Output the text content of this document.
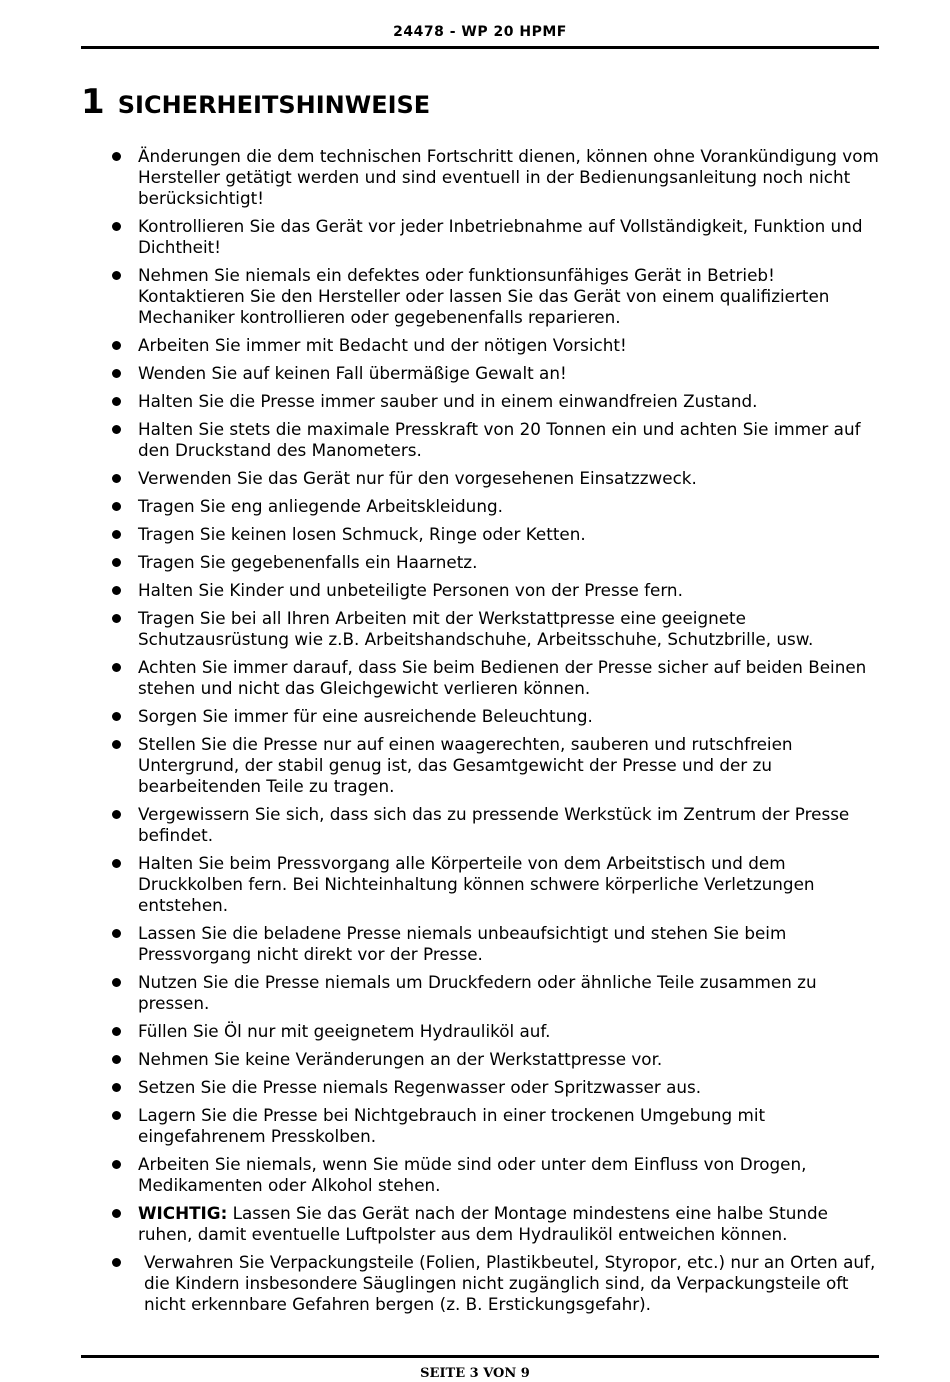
24478 - WP 20 HPMF
1 SICHERHEITSHINWEISE
Änderungen die dem technischen Fortschritt dienen, können ohne Vorankündigung vom Hersteller getätigt werden und sind eventuell in der Bedienungsanleitung noch nicht berücksichtigt!
Kontrollieren Sie das Gerät vor jeder Inbetriebnahme auf Vollständigkeit, Funktion und Dichtheit!
Nehmen Sie niemals ein defektes oder funktionsunfähiges Gerät in Betrieb! Kontaktieren Sie den Hersteller oder lassen Sie das Gerät von einem qualifizierten Mechaniker kontrollieren oder gegebenenfalls reparieren.
Arbeiten Sie immer mit Bedacht und der nötigen Vorsicht!
Wenden Sie auf keinen Fall übermäßige Gewalt an!
Halten Sie die Presse immer sauber und in einem einwandfreien Zustand.
Halten Sie stets die maximale Presskraft von 20 Tonnen ein und achten Sie immer auf den Druckstand des Manometers.
Verwenden Sie das Gerät nur für den vorgesehenen Einsatzzweck.
Tragen Sie eng anliegende Arbeitskleidung.
Tragen Sie keinen losen Schmuck, Ringe oder Ketten.
Tragen Sie gegebenenfalls ein Haarnetz.
Halten Sie Kinder und unbeteiligte Personen von der Presse fern.
Tragen Sie bei all Ihren Arbeiten mit der Werkstattpresse eine geeignete Schutzausrüstung wie z.B. Arbeitshandschuhe, Arbeitsschuhe, Schutzbrille, usw.
Achten Sie immer darauf, dass Sie beim Bedienen der Presse sicher auf beiden Beinen stehen und nicht das Gleichgewicht verlieren können.
Sorgen Sie immer für eine ausreichende Beleuchtung.
Stellen Sie die Presse nur auf einen waagerechten, sauberen und rutschfreien Untergrund, der stabil genug ist, das Gesamtgewicht der Presse und der zu bearbeitenden Teile zu tragen.
Vergewissern Sie sich, dass sich das zu pressende Werkstück im Zentrum der Presse befindet.
Halten Sie beim Pressvorgang alle Körperteile von dem Arbeitstisch und dem Druckkolben fern. Bei Nichteinhaltung können schwere körperliche Verletzungen entstehen.
Lassen Sie die beladene Presse niemals unbeaufsichtigt und stehen Sie beim Pressvorgang nicht direkt vor der Presse.
Nutzen Sie die Presse niemals um Druckfedern oder ähnliche Teile zusammen zu pressen.
Füllen Sie Öl nur mit geeignetem Hydrauliköl auf.
Nehmen Sie keine Veränderungen an der Werkstattpresse vor.
Setzen Sie die Presse niemals Regenwasser oder Spritzwasser aus.
Lagern Sie die Presse bei Nichtgebrauch in einer trockenen Umgebung mit eingefahrenem Presskolben.
Arbeiten Sie niemals, wenn Sie müde sind oder unter dem Einfluss von Drogen, Medikamenten oder Alkohol stehen.
WICHTIG: Lassen Sie das Gerät nach der Montage mindestens eine halbe Stunde ruhen, damit eventuelle Luftpolster aus dem Hydrauliköl entweichen können.
Verwahren Sie Verpackungsteile (Folien, Plastikbeutel, Styropor, etc.) nur an Orten auf, die Kindern insbesondere Säuglingen nicht zugänglich sind, da Verpackungsteile oft nicht erkennbare Gefahren bergen (z. B. Erstickungsgefahr).
SEITE 3 VON 9
